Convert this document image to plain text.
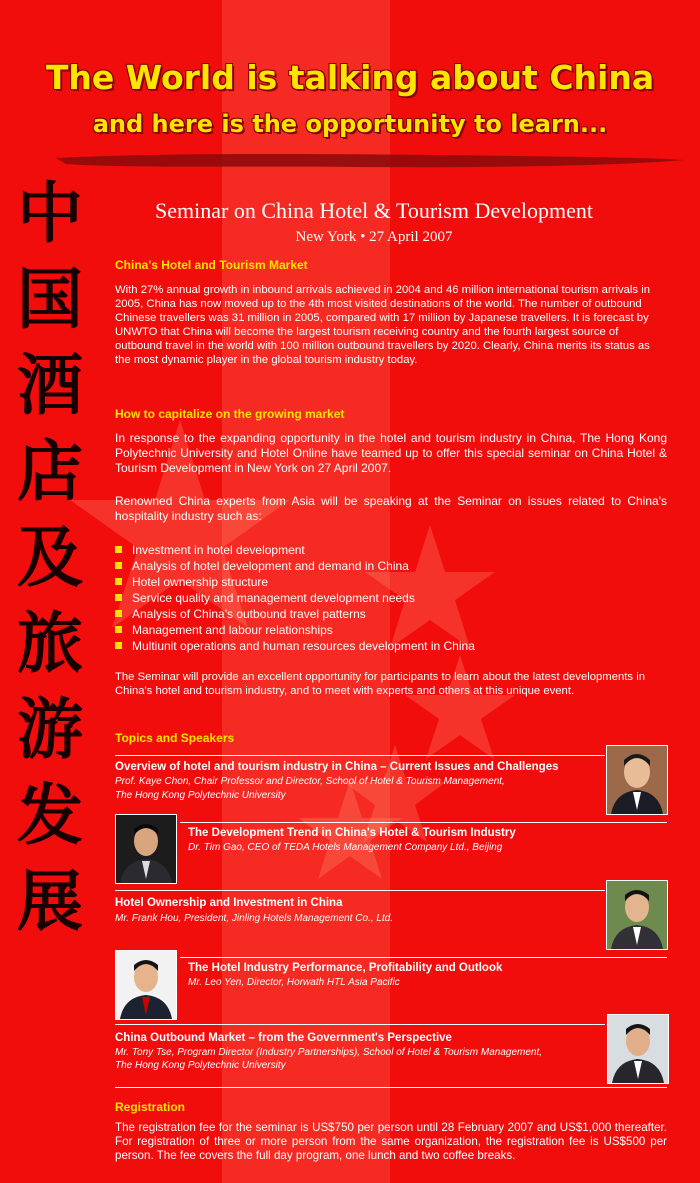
The World is talking about China
and here is the opportunity to learn...
中
国
酒
店
及
旅
游
发
展
Seminar on China Hotel & Tourism Development
New York • 27 April 2007
China's Hotel and Tourism Market
With 27% annual growth in inbound arrivals achieved in 2004 and 46 million international tourism arrivals in 2005, China has now moved up to the 4th most visited destinations of the world. The number of outbound Chinese travellers was 31 million in 2005, compared with 17 million by Japanese travellers. It is forecast by UNWTO that China will become the largest tourism receiving country and the fourth largest source of outbound travel in the world with 100 million outbound travellers by 2020. Clearly, China merits its status as the most dynamic player in the global tourism industry today.
How to capitalize on the growing market
In response to the expanding opportunity in the hotel and tourism industry in China, The Hong Kong Polytechnic University and Hotel Online have teamed up to offer this special seminar on China Hotel & Tourism Development in New York on 27 April 2007.
Renowned China experts from Asia will be speaking at the Seminar on issues related to China's hospitality industry such as:
Investment in hotel development
Analysis of hotel development and demand in China
Hotel ownership structure
Service quality and management development needs
Analysis of China's outbound travel patterns
Management and labour relationships
Multiunit operations and human resources development in China
The Seminar will provide an excellent opportunity for participants to learn about the latest developments in China's hotel and tourism industry, and to meet with experts and others at this unique event.
Topics and Speakers
Overview of hotel and tourism industry in China – Current Issues and Challenges
Prof. Kaye Chon, Chair Professor and Director, School of Hotel & Tourism Management,
The Hong Kong Polytechnic University
The Development Trend in China's Hotel & Tourism Industry
Dr. Tim Gao, CEO of TEDA Hotels Management Company Ltd., Beijing
Hotel Ownership and Investment in China
Mr. Frank Hou, President, Jinling Hotels Management Co., Ltd.
The Hotel Industry Performance, Profitability and Outlook
Mr. Leo Yen, Director, Horwath HTL Asia Pacific
China Outbound Market – from the Government's Perspective
Mr. Tony Tse, Program Director (Industry Partnerships), School of Hotel & Tourism Management,
The Hong Kong Polytechnic University
Registration
The registration fee for the seminar is US$750 per person until 28 February 2007 and US$1,000 thereafter. For registration of three or more person from the same organization, the registration fee is US$500 per person. The fee covers the full day program, one lunch and two coffee breaks.
